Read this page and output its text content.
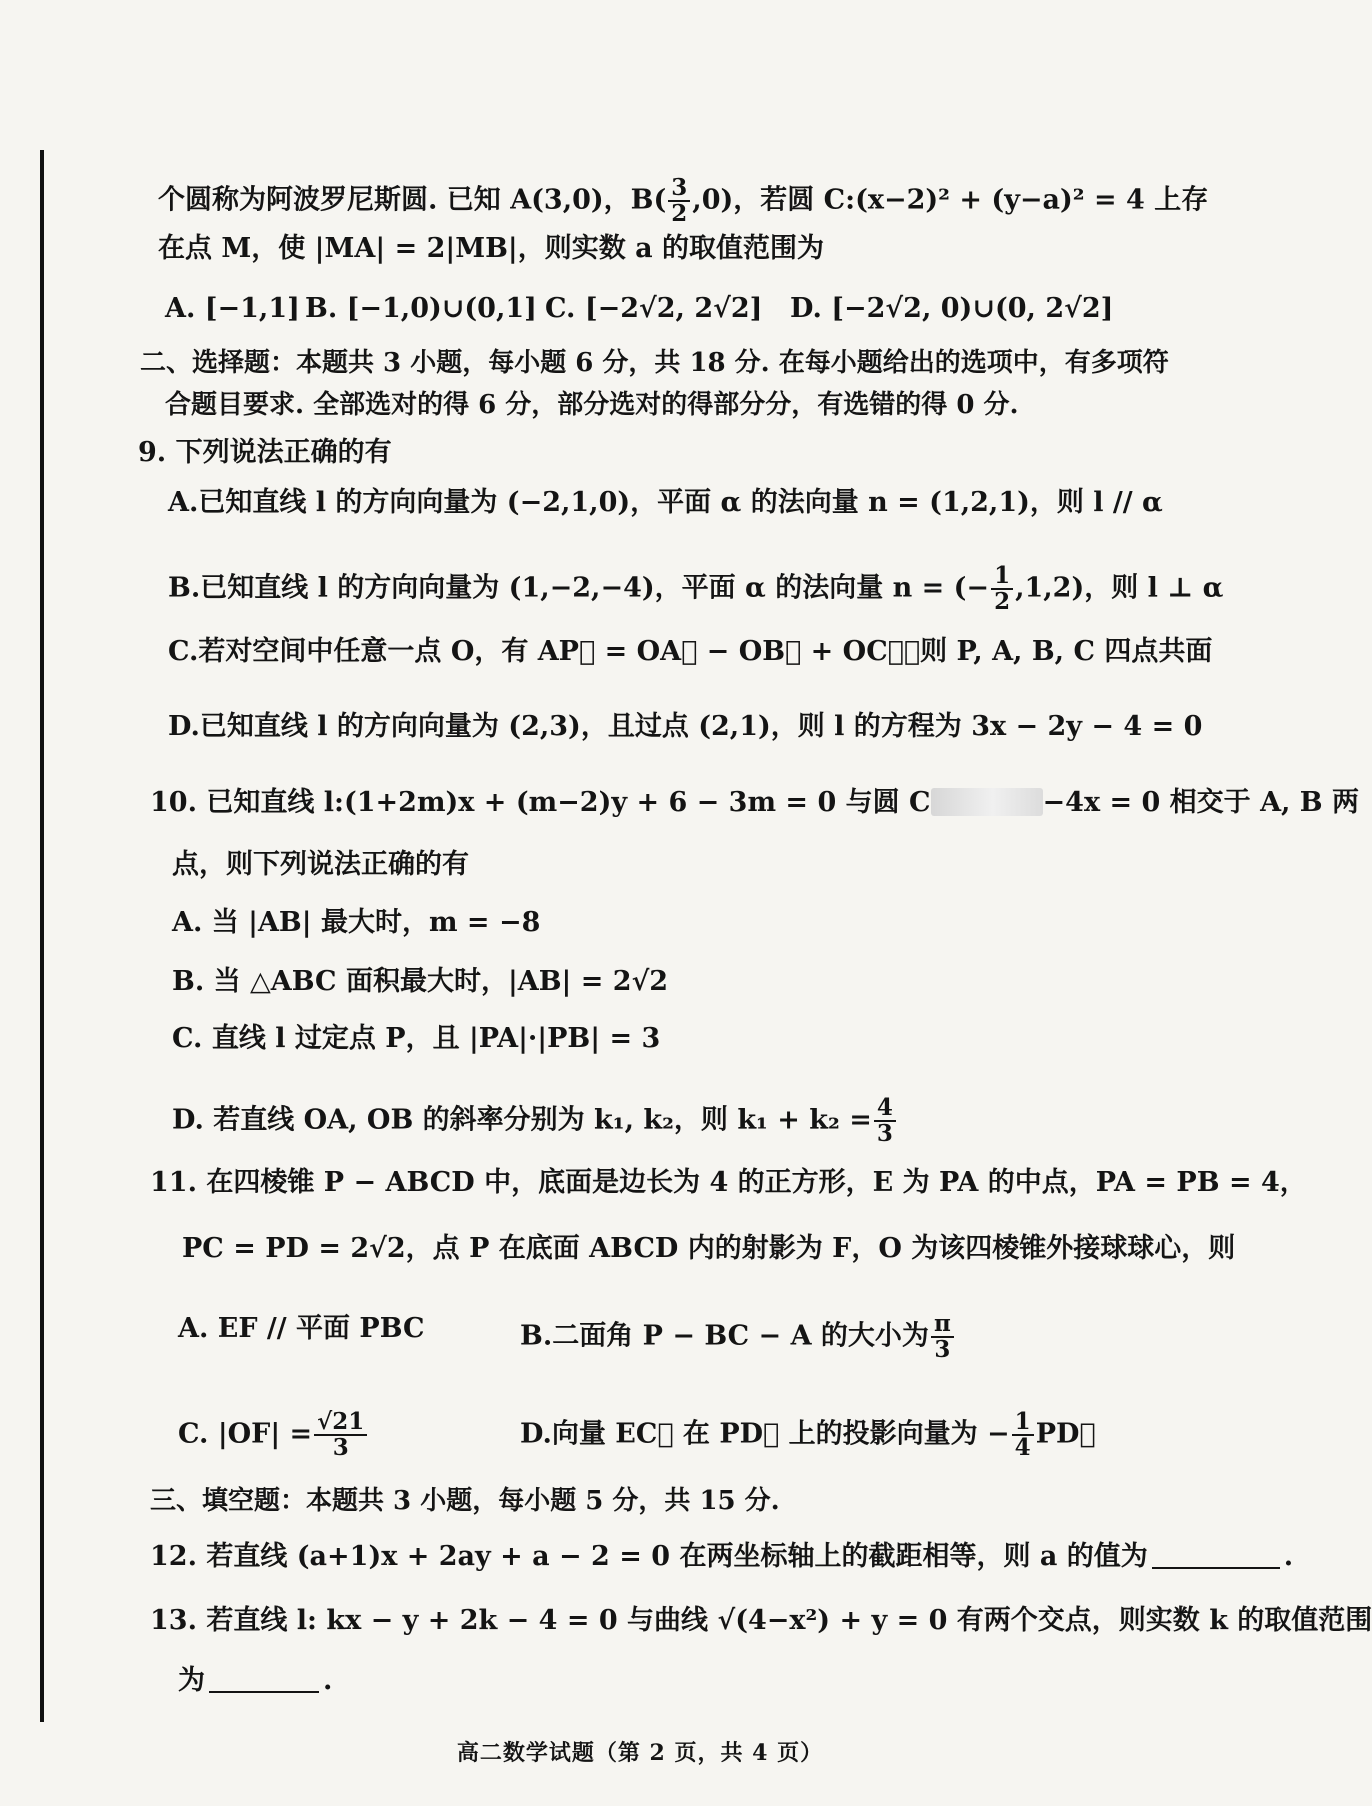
个圆称为阿波罗尼斯圆. 已知 A(3,0)，$B( \frac{3}{2} ,0)$，若圆 C:(x−2)² + (y−a)² = 4 上存
在点 M，使 |MA| = 2|MB|，则实数 a 的取值范围为
A. [−1,1] B. [−1,0)∪(0,1] C. [−2√2, 2√2] D. [−2√2, 0)∪(0, 2√2]
二、选择题：本题共 3 小题，每小题 6 分，共 18 分. 在每小题给出的选项中，有多项符
合题目要求. 全部选对的得 6 分，部分选对的得部分分，有选错的得 0 分.
9. 下列说法正确的有
A.已知直线 l 的方向向量为 (−2,1,0)，平面 α 的法向量 n = (1,2,1)，则 l // α
B.已知直线 l 的方向向量为 (1,−2,−4)，平面 α 的法向量 n = (− $\frac{1}{2} ,1,2$)，则 l ⊥ α
C.若对空间中任意一点 O，有 AP⃗ = OA⃗ − OB⃗ + OC⃗，则 P, A, B, C 四点共面
D.已知直线 l 的方向向量为 (2,3)，且过点 (2,1)，则 l 的方程为 3x − 2y − 4 = 0
10. 已知直线 l:(1+2m)x + (m−2)y + 6 − 3m = 0 与圆 C	−4x = 0 相交于 A, B 两
点，则下列说法正确的有
A. 当 |AB| 最大时，m = −8
B. 当 △ABC 面积最大时，|AB| = 2√2
C. 直线 l 过定点 P，且 |PA|·|PB| = 3
D. 若直线 OA, OB 的斜率分别为 k₁, k₂，则 $k_1 + k_2 = \frac{4}{3}$
11. 在四棱锥 P − ABCD 中，底面是边长为 4 的正方形，E 为 PA 的中点，PA = PB = 4，
PC = PD = 2√2，点 P 在底面 ABCD 内的射影为 F，O 为该四棱锥外接球球心，则
A. EF // 平面 PBC	B.二面角 P − BC − A 的大小为 $\frac{\pi}{3}$
C. $|OF| = \frac{√21}{3}$	D.向量 EC⃗ 在 PD⃗ 上的投影向量为 − $\frac{1}{4}$ PD⃗
三、填空题：本题共 3 小题，每小题 5 分，共 15 分.
12. 若直线 (a+1)x + 2ay + a − 2 = 0 在两坐标轴上的截距相等，则 a 的值为	.
13. 若直线 l: kx − y + 2k − 4 = 0 与曲线 √(4−x²) + y = 0 有两个交点，则实数 k 的取值范围
为	.
高二数学试题（第 2 页，共 4 页）
